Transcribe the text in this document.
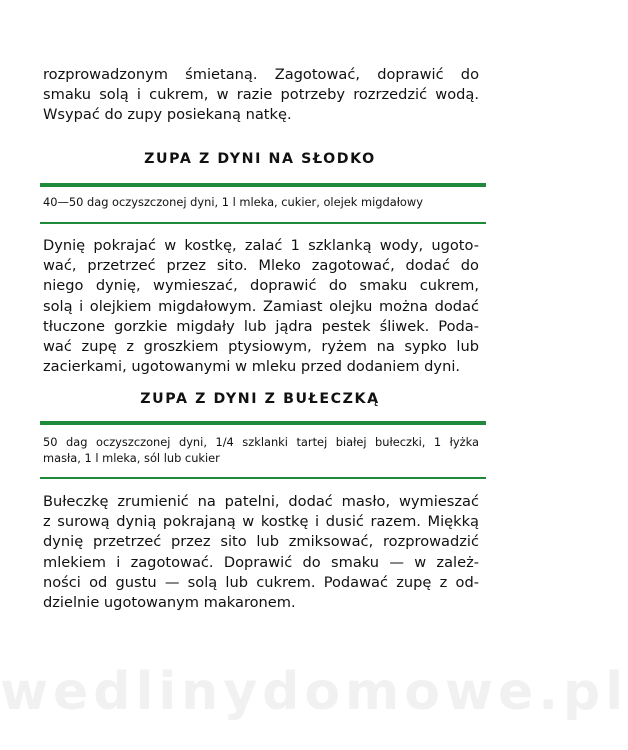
rozprowadzonym śmietaną. Zagotować, doprawić do
smaku solą i cukrem, w razie potrzeby rozrzedzić wodą.
Wsypać do zupy posiekaną natkę.

ZUPA Z DYNI NA SŁODKO

40—50 dag oczyszczonej dyni, 1 l mleka, cukier, olejek migdałowy

Dynię pokrajać w kostkę, zalać 1 szklanką wody, ugoto-
wać, przetrzeć przez sito. Mleko zagotować, dodać do
niego dynię, wymieszać, doprawić do smaku cukrem,
solą i olejkiem migdałowym. Zamiast olejku można dodać
tłuczone gorzkie migdały lub jądra pestek śliwek. Poda-
wać zupę z groszkiem ptysiowym, ryżem na sypko lub
zacierkami, ugotowanymi w mleku przed dodaniem dyni.

ZUPA Z DYNI Z BUŁECZKĄ

50 dag oczyszczonej dyni, 1/4 szklanki tartej białej bułeczki, 1 łyżka
masła, 1 l mleka, sól lub cukier

Bułeczkę zrumienić na patelni, dodać masło, wymieszać
z surową dynią pokrajaną w kostkę i dusić razem. Miękką
dynię przetrzeć przez sito lub zmiksować, rozprowadzić
mlekiem i zagotować. Doprawić do smaku — w zależ-
ności od gustu — solą lub cukrem. Podawać zupę z od-
dzielnie ugotowanym makaronem.

wedlinydomowe.pl
